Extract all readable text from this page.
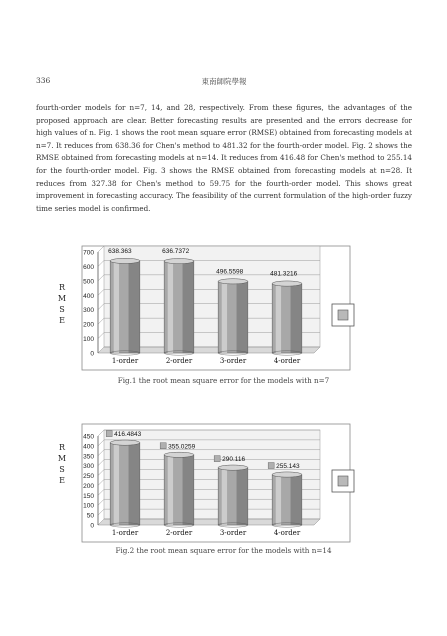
336	東南師院學報

fourth-order models for n=7, 14, and 28, respectively. From these figures, the advantages of the proposed approach are clear. Better forecasting results are presented and the errors decrease for high values of n. Fig. 1 shows the root mean square error (RMSE) obtained from forecasting models at n=7. It reduces from 638.36 for Chen's method to 481.32 for the fourth-order model. Fig. 2 shows the RMSE obtained from forecasting models at n=14. It reduces from 416.48 for Chen's method to 255.14 for the fourth-order model. Fig. 3 shows the RMSE obtained from forecasting models at n=28. It reduces from 327.38 for Chen's method to 59.75 for the fourth-order model. This shows great improvement in forecasting accuracy. The feasibility of the current formulation of the high-order fuzzy time series model is confirmed.

0
100
200
300
400
500
600
700
R
M
S
E
638.363
1-order
636.7372
2-order
496.5598
3-order
481.3216
4-order
0
50
100
150
200
250
300
350
400
450
R
M
S
E
416.4843
1-order
355.0259
2-order
290.116
3-order
255.143
4-order
Fig.1 the root mean square error for the models with n=7
Fig.2 the root mean square error for the models with n=14
